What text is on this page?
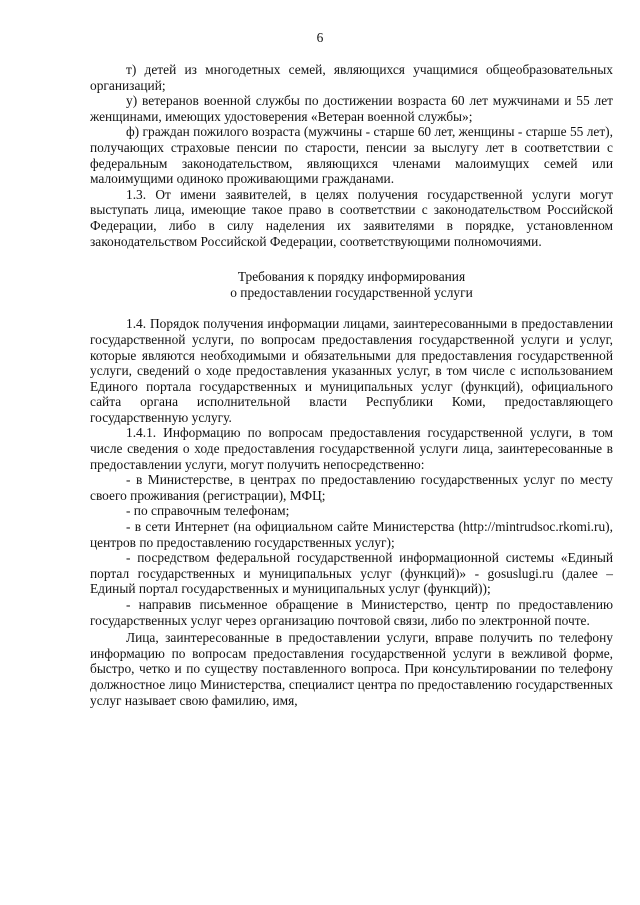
6

т) детей из многодетных семей, являющихся учащимися общеобразовательных организаций;

у) ветеранов военной службы по достижении возраста 60 лет мужчинами и 55 лет женщинами, имеющих удостоверения «Ветеран военной службы»;

ф) граждан пожилого возраста (мужчины - старше 60 лет, женщины - старше 55 лет), получающих страховые пенсии по старости, пенсии за выслугу лет в соответствии с федеральным законодательством, являющихся членами малоимущих семей или малоимущими одиноко проживающими гражданами.

1.3. От имени заявителей, в целях получения государственной услуги могут выступать лица, имеющие такое право в соответствии с законодательством Российской Федерации, либо в силу наделения их заявителями в порядке, установленном законодательством Российской Федерации, соответствующими полномочиями.

Требования к порядку информирования
о предоставлении государственной услуги

1.4. Порядок получения информации лицами, заинтересованными в предоставлении государственной услуги, по вопросам предоставления государственной услуги и услуг, которые являются необходимыми и обязательными для предоставления государственной услуги, сведений о ходе предоставления указанных услуг, в том числе с использованием Единого портала государственных и муниципальных услуг (функций), официального сайта органа исполнительной власти Республики Коми, предоставляющего государственную услугу.

1.4.1. Информацию по вопросам предоставления государственной услуги, в том числе сведения о ходе предоставления государственной услуги лица, заинтересованные в предоставлении услуги, могут получить непосредственно:

- в Министерстве, в центрах по предоставлению государственных услуг по месту своего проживания (регистрации), МФЦ;

- по справочным телефонам;

- в сети Интернет (на официальном сайте Министерства (http://mintrudsoc.rkomi.ru), центров по предоставлению государственных услуг);

- посредством федеральной государственной информационной системы «Единый портал государственных и муниципальных услуг (функций)» - gosuslugi.ru (далее – Единый портал государственных и муниципальных услуг (функций));

- направив письменное обращение в Министерство, центр по предоставлению государственных услуг через организацию почтовой связи, либо по электронной почте.

Лица, заинтересованные в предоставлении услуги, вправе получить по телефону информацию по вопросам предоставления государственной услуги в вежливой форме, быстро, четко и по существу поставленного вопроса. При консультировании по телефону должностное лицо Министерства, специалист центра по предоставлению государственных услуг называет свою фамилию, имя,
